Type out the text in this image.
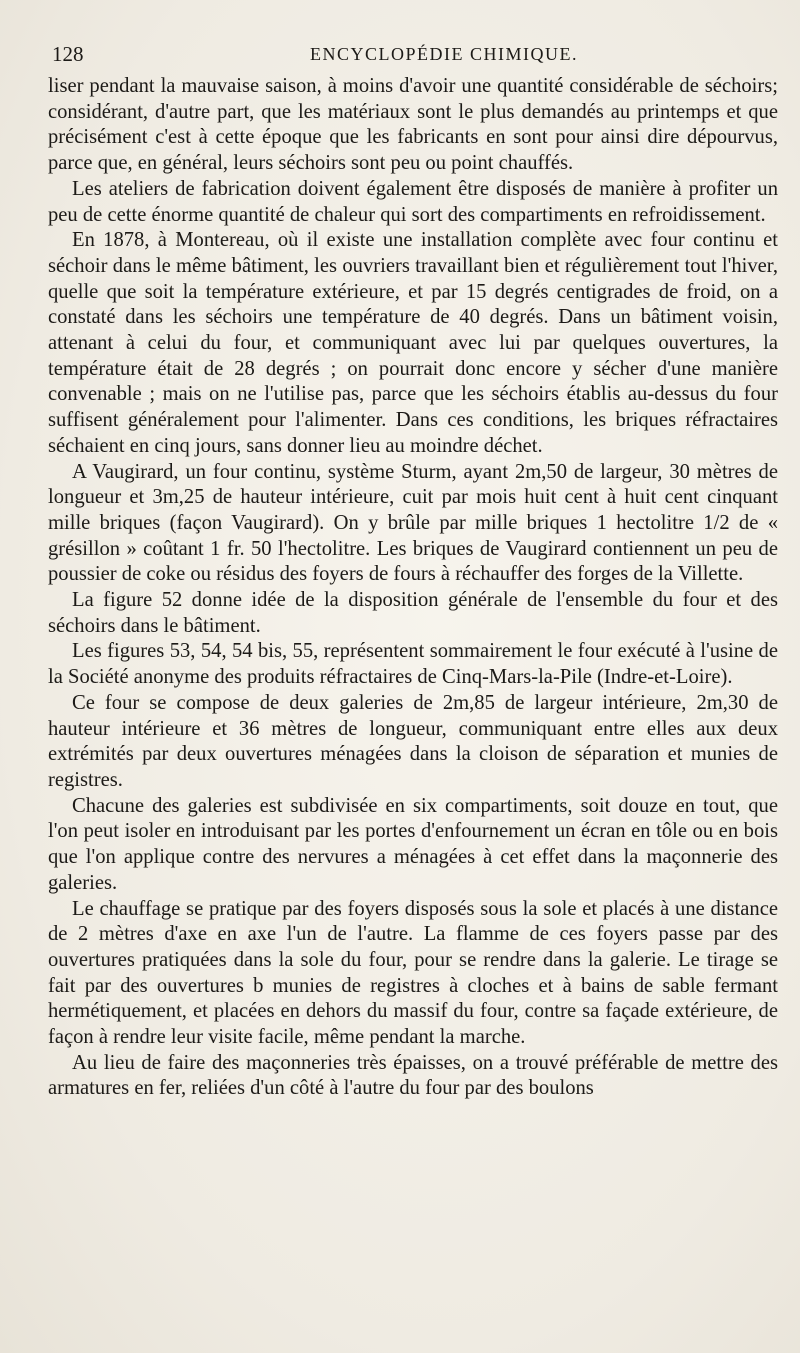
128	ENCYCLOPÉDIE CHIMIQUE.

liser pendant la mauvaise saison, à moins d'avoir une quantité considérable de séchoirs; considérant, d'autre part, que les matériaux sont le plus demandés au printemps et que précisément c'est à cette époque que les fabricants en sont pour ainsi dire dépourvus, parce que, en général, leurs séchoirs sont peu ou point chauffés.

Les ateliers de fabrication doivent également être disposés de manière à profiter un peu de cette énorme quantité de chaleur qui sort des compartiments en refroidissement.

En 1878, à Montereau, où il existe une installation complète avec four continu et séchoir dans le même bâtiment, les ouvriers travaillant bien et régulièrement tout l'hiver, quelle que soit la température extérieure, et par 15 degrés centigrades de froid, on a constaté dans les séchoirs une température de 40 degrés. Dans un bâtiment voisin, attenant à celui du four, et communiquant avec lui par quelques ouvertures, la température était de 28 degrés ; on pourrait donc encore y sécher d'une manière convenable ; mais on ne l'utilise pas, parce que les séchoirs établis au-dessus du four suffisent généralement pour l'alimenter. Dans ces conditions, les briques réfractaires séchaient en cinq jours, sans donner lieu au moindre déchet.

A Vaugirard, un four continu, système Sturm, ayant 2m,50 de largeur, 30 mètres de longueur et 3m,25 de hauteur intérieure, cuit par mois huit cent à huit cent cinquant mille briques (façon Vaugirard). On y brûle par mille briques 1 hectolitre 1/2 de « grésillon » coûtant 1 fr. 50 l'hectolitre. Les briques de Vaugirard contiennent un peu de poussier de coke ou résidus des foyers de fours à réchauffer des forges de la Villette.

La figure 52 donne idée de la disposition générale de l'ensemble du four et des séchoirs dans le bâtiment.

Les figures 53, 54, 54 bis, 55, représentent sommairement le four exécuté à l'usine de la Société anonyme des produits réfractaires de Cinq-Mars-la-Pile (Indre-et-Loire).

Ce four se compose de deux galeries de 2m,85 de largeur intérieure, 2m,30 de hauteur intérieure et 36 mètres de longueur, communiquant entre elles aux deux extrémités par deux ouvertures ménagées dans la cloison de séparation et munies de registres.

Chacune des galeries est subdivisée en six compartiments, soit douze en tout, que l'on peut isoler en introduisant par les portes d'enfournement un écran en tôle ou en bois que l'on applique contre des nervures a ménagées à cet effet dans la maçonnerie des galeries.

Le chauffage se pratique par des foyers disposés sous la sole et placés à une distance de 2 mètres d'axe en axe l'un de l'autre. La flamme de ces foyers passe par des ouvertures pratiquées dans la sole du four, pour se rendre dans la galerie. Le tirage se fait par des ouvertures b munies de registres à cloches et à bains de sable fermant hermétiquement, et placées en dehors du massif du four, contre sa façade extérieure, de façon à rendre leur visite facile, même pendant la marche.

Au lieu de faire des maçonneries très épaisses, on a trouvé préférable de mettre des armatures en fer, reliées d'un côté à l'autre du four par des boulons
